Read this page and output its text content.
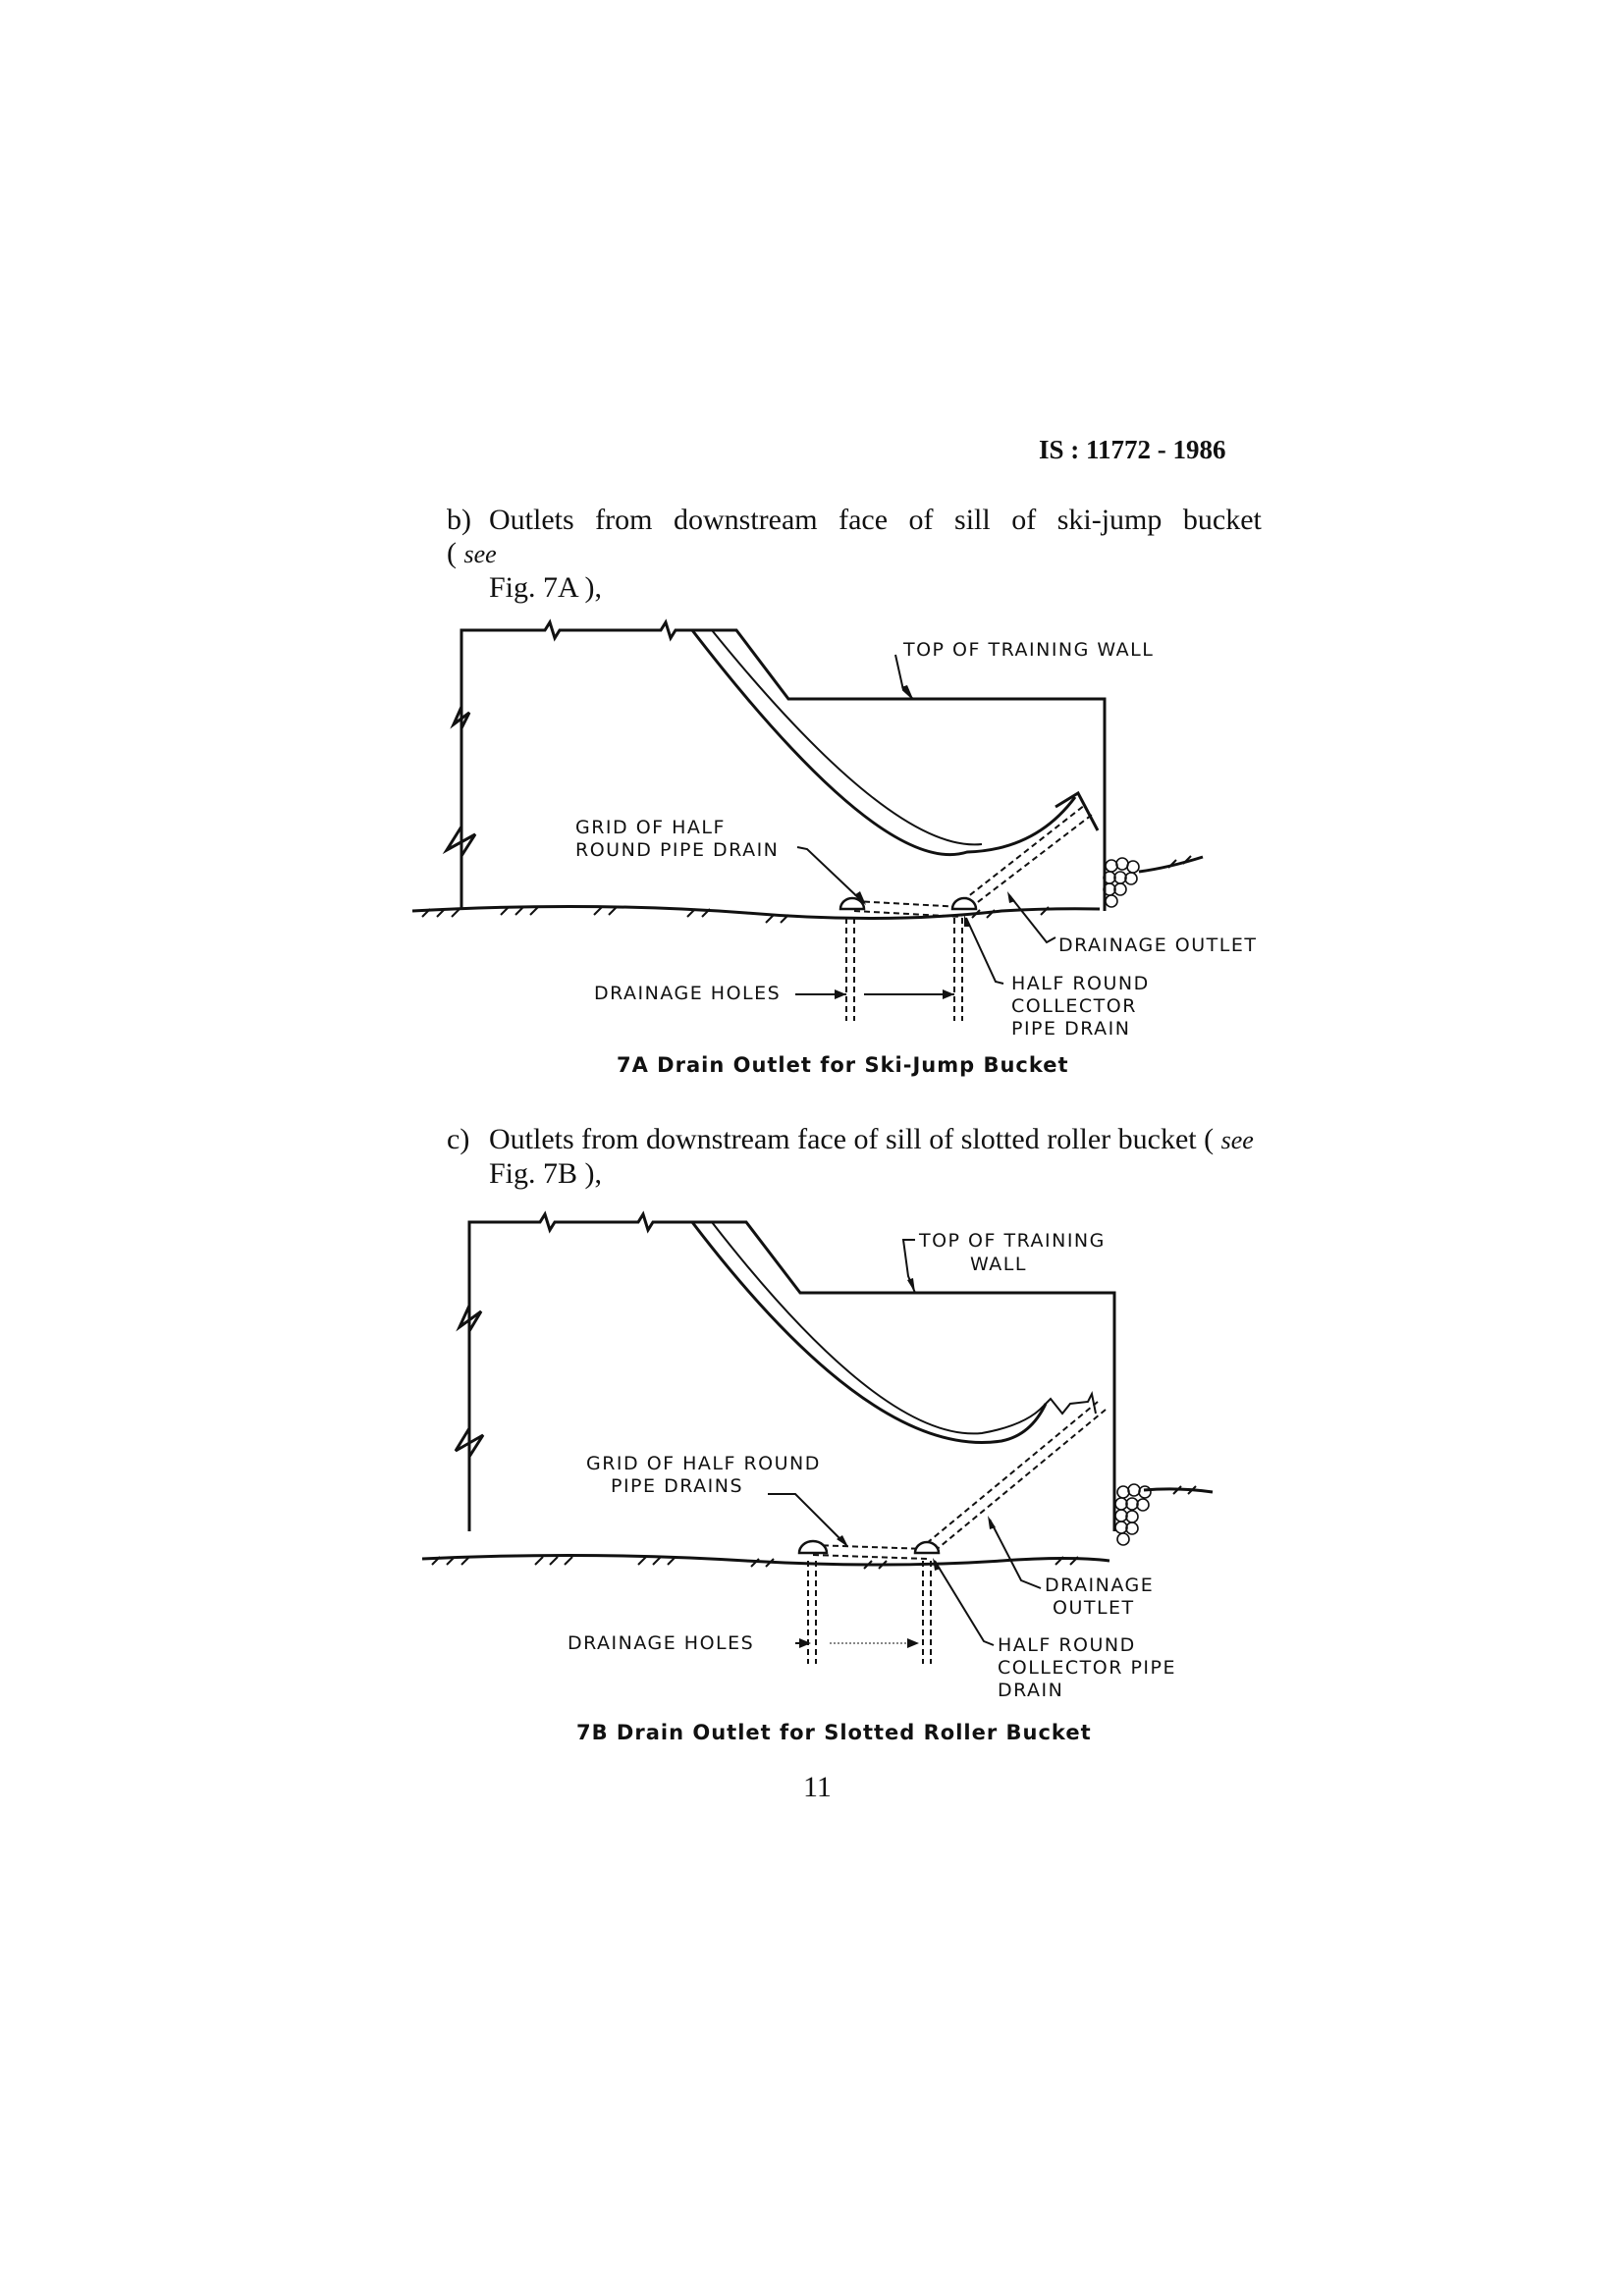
IS : 11772 - 1986
b) Outlets from downstream face of sill of ski-jump bucket ( see
Fig. 7A ),
TOP OF TRAINING WALL
GRID OF HALF
ROUND PIPE DRAIN
DRAINAGE OUTLET
DRAINAGE HOLES	HALF ROUND
COLLECTOR
PIPE DRAIN
7A Drain Outlet for Ski-Jump Bucket
c) Outlets from downstream face of sill of slotted roller bucket ( see
Fig. 7B ),
TOP OF TRAINING
WALL
GRID OF HALF ROUND
PIPE DRAINS
DRAINAGE
OUTLET
DRAINAGE HOLES	HALF ROUND
COLLECTOR PIPE
DRAIN
7B Drain Outlet for Slotted Roller Bucket
11
